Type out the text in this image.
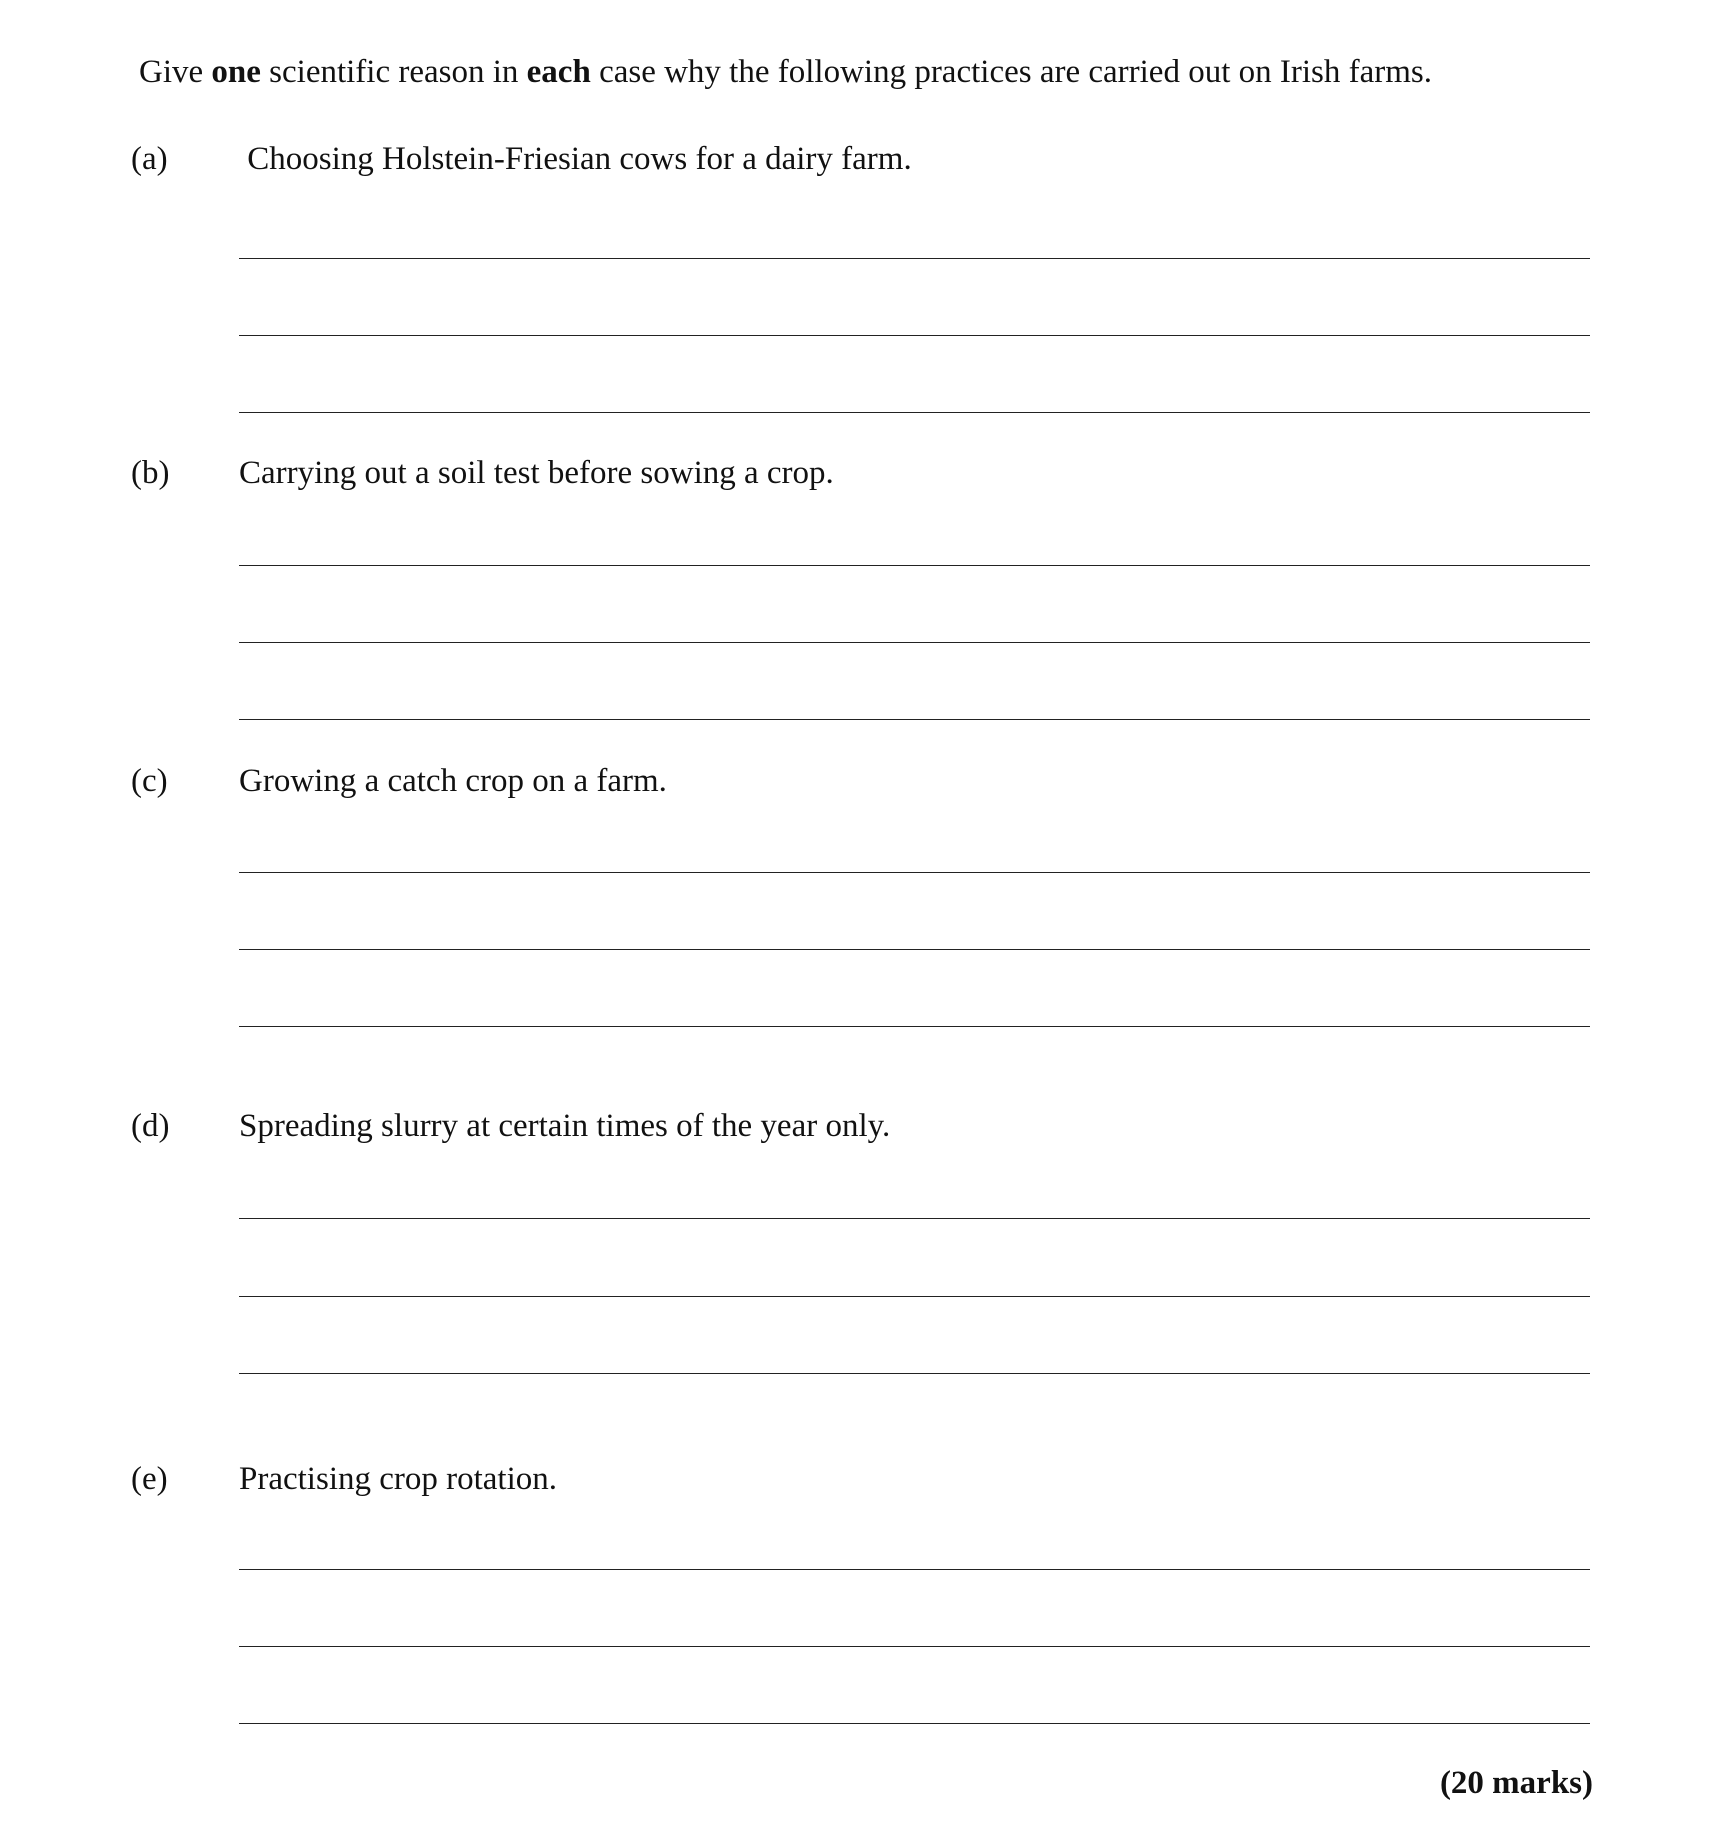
Give one scientific reason in each case why the following practices are carried out on Irish farms.
(a) Choosing Holstein-Friesian cows for a dairy farm.
(b) Carrying out a soil test before sowing a crop.
(c) Growing a catch crop on a farm.
(d) Spreading slurry at certain times of the year only.
(e) Practising crop rotation.
(20 marks)
